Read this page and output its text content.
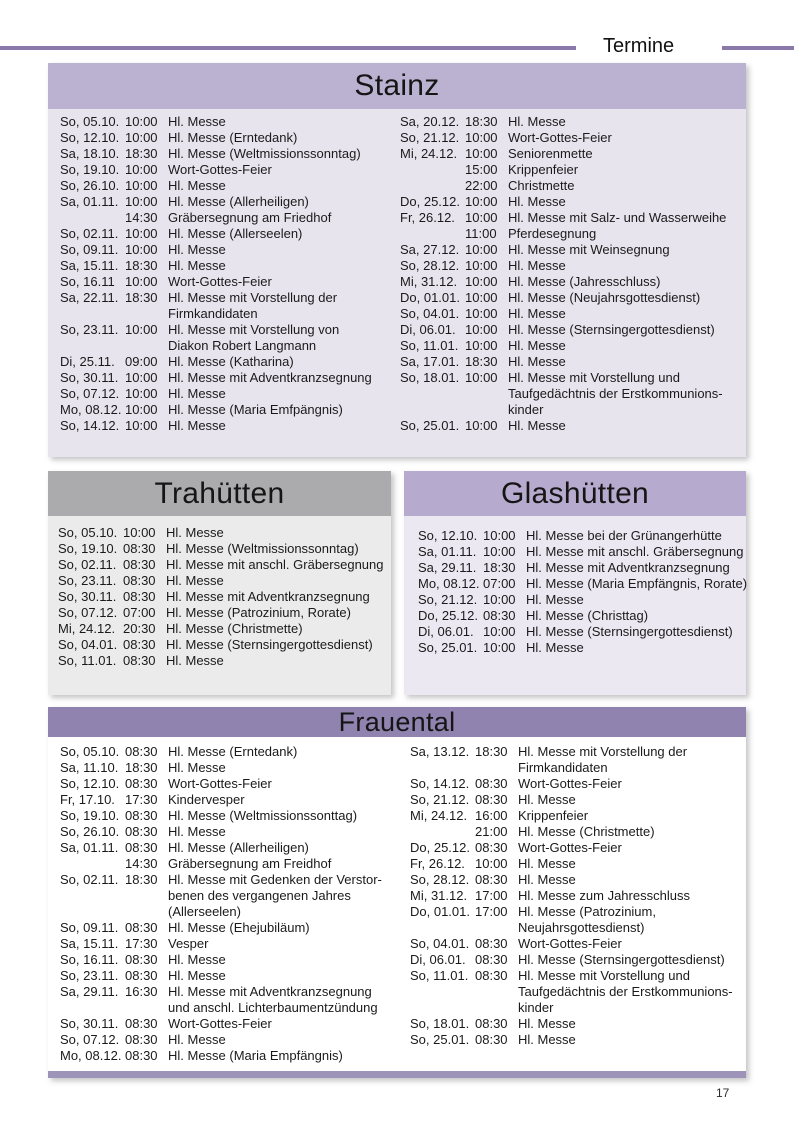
Termine
Stainz
So, 05.10. 10:00 Hl. Messe
So, 12.10. 10:00 Hl. Messe (Erntedank)
Sa, 18.10. 18:30 Hl. Messe (Weltmissionssonntag)
So, 19.10. 10:00 Wort-Gottes-Feier
So, 26.10. 10:00 Hl. Messe
Sa, 01.11. 10:00 Hl. Messe (Allerheiligen)
14:30 Gräbersegnung am Friedhof
So, 02.11. 10:00 Hl. Messe (Allerseelen)
So, 09.11. 10:00 Hl. Messe
Sa, 15.11. 18:30 Hl. Messe
So, 16.11 10:00 Wort-Gottes-Feier
Sa, 22.11. 18:30 Hl. Messe mit Vorstellung der
Firmkandidaten
So, 23.11. 10:00 Hl. Messe mit Vorstellung von
Diakon Robert Langmann
Di, 25.11. 09:00 Hl. Messe (Katharina)
So, 30.11. 10:00 Hl. Messe mit Adventkranzsegnung
So, 07.12. 10:00 Hl. Messe
Mo, 08.12. 10:00 Hl. Messe (Maria Emfpängnis)
So, 14.12. 10:00 Hl. Messe
Sa, 20.12. 18:30 Hl. Messe
So, 21.12. 10:00 Wort-Gottes-Feier
Mi, 24.12. 10:00 Seniorenmette
15:00 Krippenfeier
22:00 Christmette
Do, 25.12. 10:00 Hl. Messe
Fr, 26.12. 10:00 Hl. Messe mit Salz- und Wasserweihe
11:00 Pferdesegnung
Sa, 27.12. 10:00 Hl. Messe mit Weinsegnung
So, 28.12. 10:00 Hl. Messe
Mi, 31.12. 10:00 Hl. Messe (Jahresschluss)
Do, 01.01. 10:00 Hl. Messe (Neujahrsgottesdienst)
So, 04.01. 10:00 Hl. Messe
Di, 06.01. 10:00 Hl. Messe (Sternsingergottesdienst)
So, 11.01. 10:00 Hl. Messe
Sa, 17.01. 18:30 Hl. Messe
So, 18.01. 10:00 Hl. Messe mit Vorstellung und
Taufgedächtnis der Erstkommunions-
kinder
So, 25.01. 10:00 Hl. Messe
Trahütten
So, 05.10. 10:00 Hl. Messe
So, 19.10. 08:30 Hl. Messe (Weltmissionssonntag)
So, 02.11. 08:30 Hl. Messe mit anschl. Gräbersegnung
So, 23.11. 08:30 Hl. Messe
So, 30.11. 08:30 Hl. Messe mit Adventkranzsegnung
So, 07.12. 07:00 Hl. Messe (Patrozinium, Rorate)
Mi, 24.12. 20:30 Hl. Messe (Christmette)
So, 04.01. 08:30 Hl. Messe (Sternsingergottesdienst)
So, 11.01. 08:30 Hl. Messe
Glashütten
So, 12.10. 10:00 Hl. Messe bei der Grünangerhütte
Sa, 01.11. 10:00 Hl. Messe mit anschl. Gräbersegnung
Sa, 29.11. 18:30 Hl. Messe mit Adventkranzsegnung
Mo, 08.12. 07:00 Hl. Messe (Maria Empfängnis, Rorate)
So, 21.12. 10:00 Hl. Messe
Do, 25.12. 08:30 Hl. Messe (Christtag)
Di, 06.01. 10:00 Hl. Messe (Sternsingergottesdienst)
So, 25.01. 10:00 Hl. Messe
Frauental
So, 05.10. 08:30 Hl. Messe (Erntedank)
Sa, 11.10. 18:30 Hl. Messe
So, 12.10. 08:30 Wort-Gottes-Feier
Fr, 17.10. 17:30 Kindervesper
So, 19.10. 08:30 Hl. Messe (Weltmissionssonttag)
So, 26.10. 08:30 Hl. Messe
Sa, 01.11. 08:30 Hl. Messe (Allerheiligen)
14:30 Gräbersegnung am Freidhof
So, 02.11. 18:30 Hl. Messe mit Gedenken der Verstor-
benen des vergangenen Jahres
(Allerseelen)
So, 09.11. 08:30 Hl. Messe (Ehejubiläum)
Sa, 15.11. 17:30 Vesper
So, 16.11. 08:30 Hl. Messe
So, 23.11. 08:30 Hl. Messe
Sa, 29.11. 16:30 Hl. Messe mit Adventkranzsegnung
und anschl. Lichterbaumentzündung
So, 30.11. 08:30 Wort-Gottes-Feier
So, 07.12. 08:30 Hl. Messe
Mo, 08.12. 08:30 Hl. Messe (Maria Empfängnis)
Sa, 13.12. 18:30 Hl. Messe mit Vorstellung der
Firmkandidaten
So, 14.12. 08:30 Wort-Gottes-Feier
So, 21.12. 08:30 Hl. Messe
Mi, 24.12. 16:00 Krippenfeier
21:00 Hl. Messe (Christmette)
Do, 25.12. 08:30 Wort-Gottes-Feier
Fr, 26.12. 10:00 Hl. Messe
So, 28.12. 08:30 Hl. Messe
Mi, 31.12. 17:00 Hl. Messe zum Jahresschluss
Do, 01.01. 17:00 Hl. Messe (Patrozinium,
Neujahrsgottesdienst)
So, 04.01. 08:30 Wort-Gottes-Feier
Di, 06.01. 08:30 Hl. Messe (Sternsingergottesdienst)
So, 11.01. 08:30 Hl. Messe mit Vorstellung und
Taufgedächtnis der Erstkommunions-
kinder
So, 18.01. 08:30 Hl. Messe
So, 25.01. 08:30 Hl. Messe
17
